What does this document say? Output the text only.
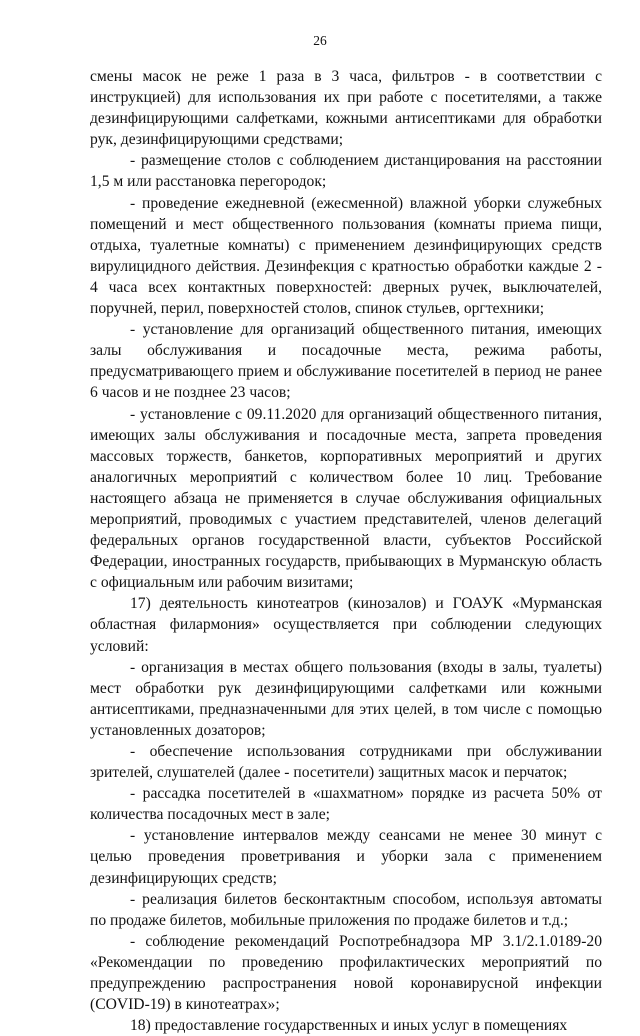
26

смены масок не реже 1 раза в 3 часа, фильтров - в соответствии с инструкцией) для использования их при работе с посетителями, а также дезинфицирующими салфетками, кожными антисептиками для обработки рук, дезинфицирующими средствами;

- размещение столов с соблюдением дистанцирования на расстоянии 1,5 м или расстановка перегородок;

- проведение ежедневной (ежесменной) влажной уборки служебных помещений и мест общественного пользования (комнаты приема пищи, отдыха, туалетные комнаты) с применением дезинфицирующих средств вирулицидного действия. Дезинфекция с кратностью обработки каждые 2 - 4 часа всех контактных поверхностей: дверных ручек, выключателей, поручней, перил, поверхностей столов, спинок стульев, оргтехники;

- установление для организаций общественного питания, имеющих залы обслуживания и посадочные места, режима работы, предусматривающего прием и обслуживание посетителей в период не ранее 6 часов и не позднее 23 часов;

- установление с 09.11.2020 для организаций общественного питания, имеющих залы обслуживания и посадочные места, запрета проведения массовых торжеств, банкетов, корпоративных мероприятий и других аналогичных мероприятий с количеством более 10 лиц. Требование настоящего абзаца не применяется в случае обслуживания официальных мероприятий, проводимых с участием представителей, членов делегаций федеральных органов государственной власти, субъектов Российской Федерации, иностранных государств, прибывающих в Мурманскую область с официальным или рабочим визитами;

17) деятельность кинотеатров (кинозалов) и ГОАУК «Мурманская областная филармония» осуществляется при соблюдении следующих условий:

- организация в местах общего пользования (входы в залы, туалеты) мест обработки рук дезинфицирующими салфетками или кожными антисептиками, предназначенными для этих целей, в том числе с помощью установленных дозаторов;

- обеспечение использования сотрудниками при обслуживании зрителей, слушателей (далее - посетители) защитных масок и перчаток;

- рассадка посетителей в «шахматном» порядке из расчета 50% от количества посадочных мест в зале;

- установление интервалов между сеансами не менее 30 минут с целью проведения проветривания и уборки зала с применением дезинфицирующих средств;

- реализация билетов бесконтактным способом, используя автоматы по продаже билетов, мобильные приложения по продаже билетов и т.д.;

- соблюдение рекомендаций Роспотребнадзора МР 3.1/2.1.0189-20 «Рекомендации по проведению профилактических мероприятий по предупреждению распространения новой коронавирусной инфекции (COVID-19) в кинотеатрах»;

18) предоставление государственных и иных услуг в помещениях
